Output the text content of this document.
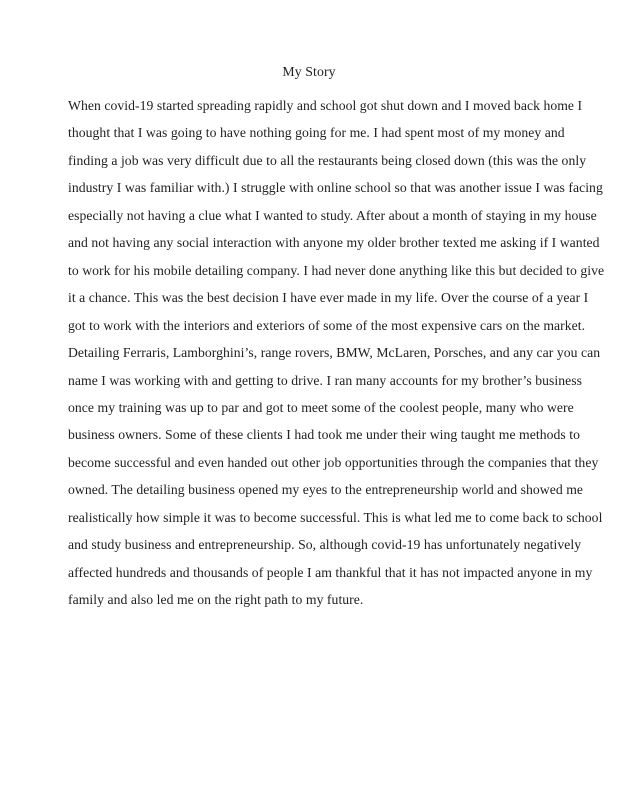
My Story
When covid-19 started spreading rapidly and school got shut down and I moved back home I
thought that I was going to have nothing going for me. I had spent most of my money and
finding a job was very difficult due to all the restaurants being closed down (this was the only
industry I was familiar with.) I struggle with online school so that was another issue I was facing
especially not having a clue what I wanted to study. After about a month of staying in my house
and not having any social interaction with anyone my older brother texted me asking if I wanted
to work for his mobile detailing company. I had never done anything like this but decided to give
it a chance. This was the best decision I have ever made in my life. Over the course of a year I
got to work with the interiors and exteriors of some of the most expensive cars on the market.
Detailing Ferraris, Lamborghini’s, range rovers, BMW, McLaren, Porsches, and any car you can
name I was working with and getting to drive. I ran many accounts for my brother’s business
once my training was up to par and got to meet some of the coolest people, many who were
business owners. Some of these clients I had took me under their wing taught me methods to
become successful and even handed out other job opportunities through the companies that they
owned. The detailing business opened my eyes to the entrepreneurship world and showed me
realistically how simple it was to become successful. This is what led me to come back to school
and study business and entrepreneurship. So, although covid-19 has unfortunately negatively
affected hundreds and thousands of people I am thankful that it has not impacted anyone in my
family and also led me on the right path to my future.
